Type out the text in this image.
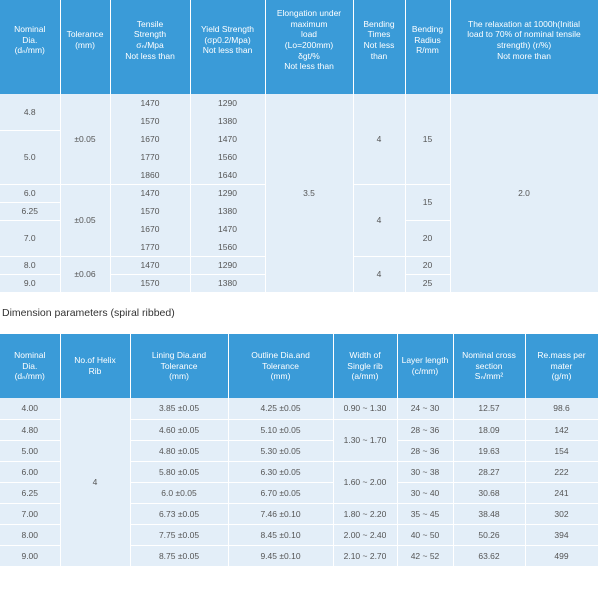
Nominal
Dia.
(dₙ/mm)	Tolerance
(mm)	Tensile
Strength
σₙ/Mpa
Not less than	Yield Strength
(σp0.2/Mpa)
Not less than	Elongation under maximum
load
(Lo=200mm)
δgt/%
Not less than	Bending
Times
Not less
than	Bending
Radius
R/mm	The relaxation at 1000h(Initial
load to 70% of nominal tensile
strength) (r/%)
Not more than
4.8	±0.05	1470	1290	3.5	4	15	2.0
		1570	1380				
5.0		1670	1470				
		1770	1560				
		1860	1640				
6.0	±0.05	1470	1290		4	15	
6.25		1570	1380				
7.0		1670	1470			20	
		1770	1560				
8.0	±0.06	1470	1290		4	20	
9.0		1570	1380			25	
Dimension parameters (spiral ribbed)
Nominal
Dia.
(dₙ/mm)	No.of Helix
Rib	Lining Dia.and
Tolerance
(mm)	Outline Dia.and
Tolerance
(mm)	Width of
Single rib
(a/mm)	Layer length
(c/mm)	Nominal cross
section
Sₙ/mm²	Re.mass per
mater
(g/m)
4.00	4	3.85 ±0.05	4.25 ±0.05	0.90 ~ 1.30	24 ~ 30	12.57	98.6
4.80		4.60 ±0.05	5.10 ±0.05	1.30 ~ 1.70	28 ~ 36	18.09	142
5.00		4.80 ±0.05	5.30 ±0.05		28 ~ 36	19.63	154
6.00		5.80 ±0.05	6.30 ±0.05	1.60 ~ 2.00	30 ~ 38	28.27	222
6.25		6.0 ±0.05	6.70 ±0.05		30 ~ 40	30.68	241
7.00		6.73 ±0.05	7.46 ±0.10	1.80 ~ 2.20	35 ~ 45	38.48	302
8.00		7.75 ±0.05	8.45 ±0.10	2.00 ~ 2.40	40 ~ 50	50.26	394
9.00		8.75 ±0.05	9.45 ±0.10	2.10 ~ 2.70	42 ~ 52	63.62	499
